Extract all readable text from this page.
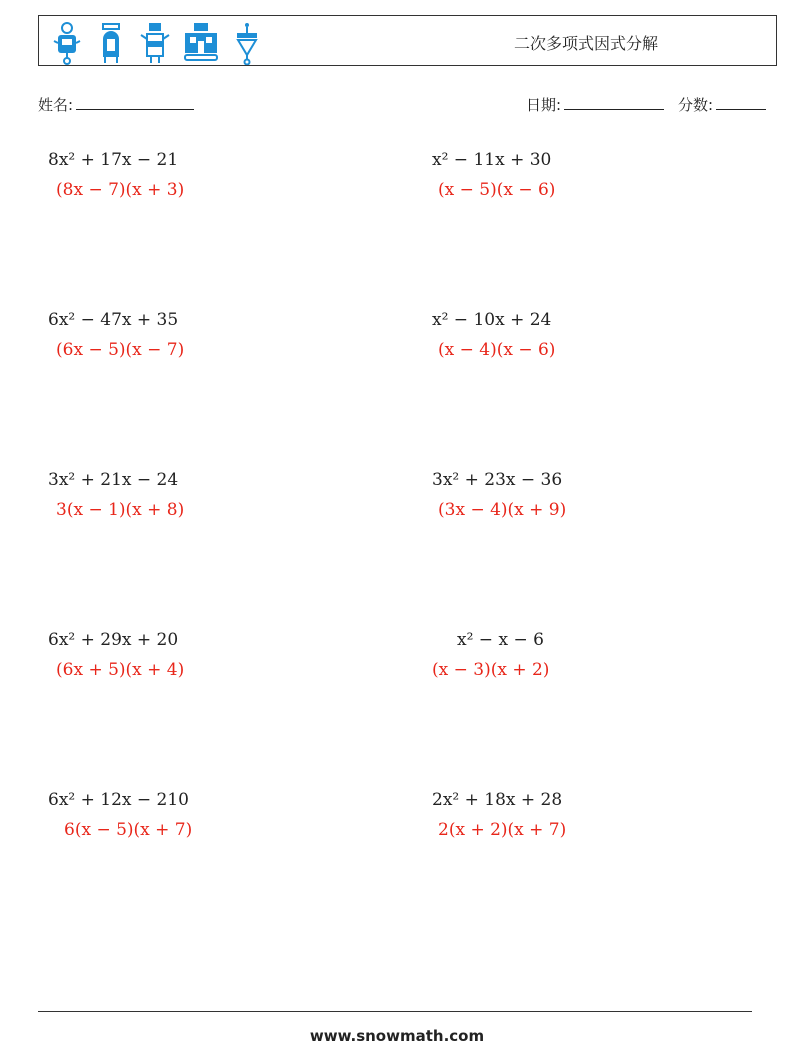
二次多项式因式分解
姓名:	日期:	分数:
8x² + 17x − 21
(8x − 7)(x + 3)
6x² − 47x + 35
(6x − 5)(x − 7)
3x² + 21x − 24
3(x − 1)(x + 8)
6x² + 29x + 20
(6x + 5)(x + 4)
6x² + 12x − 210
6(x − 5)(x + 7)
x² − 11x + 30
(x − 5)(x − 6)
x² − 10x + 24
(x − 4)(x − 6)
3x² + 23x − 36
(3x − 4)(x + 9)
x² − x − 6
(x − 3)(x + 2)
2x² + 18x + 28
2(x + 2)(x + 7)
www.snowmath.com
